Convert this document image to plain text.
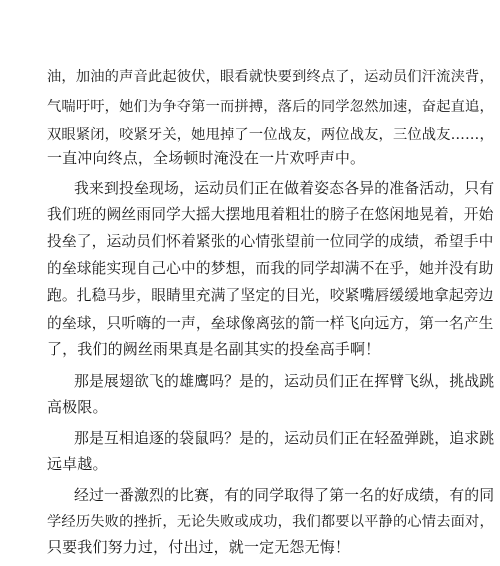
油，加油的声音此起彼伏，眼看就快要到终点了，运动员们汗流浃背，
气喘吁吁，她们为争夺第一而拼搏，落后的同学忽然加速，奋起直追，
双眼紧闭，咬紧牙关，她甩掉了一位战友，两位战友，三位战友……，
一直冲向终点，全场顿时淹没在一片欢呼声中。
我来到投垒现场，运动员们正在做着姿态各异的准备活动，只有
我们班的阙丝雨同学大摇大摆地甩着粗壮的膀子在悠闲地晃着，开始
投垒了，运动员们怀着紧张的心情张望前一位同学的成绩，希望手中
的垒球能实现自己心中的梦想，而我的同学却满不在乎，她并没有助
跑。扎稳马步，眼睛里充满了坚定的目光，咬紧嘴唇缓缓地拿起旁边
的垒球，只听嗨的一声，垒球像离弦的箭一样飞向远方，第一名产生
了，我们的阙丝雨果真是名副其实的投垒高手啊！
那是展翅欲飞的雄鹰吗？是的，运动员们正在挥臂飞纵，挑战跳
高极限。
那是互相追逐的袋鼠吗？是的，运动员们正在轻盈弹跳，追求跳
远卓越。
经过一番激烈的比赛，有的同学取得了第一名的好成绩，有的同
学经历失败的挫折，无论失败或成功，我们都要以平静的心情去面对，
只要我们努力过，付出过，就一定无怨无悔！
